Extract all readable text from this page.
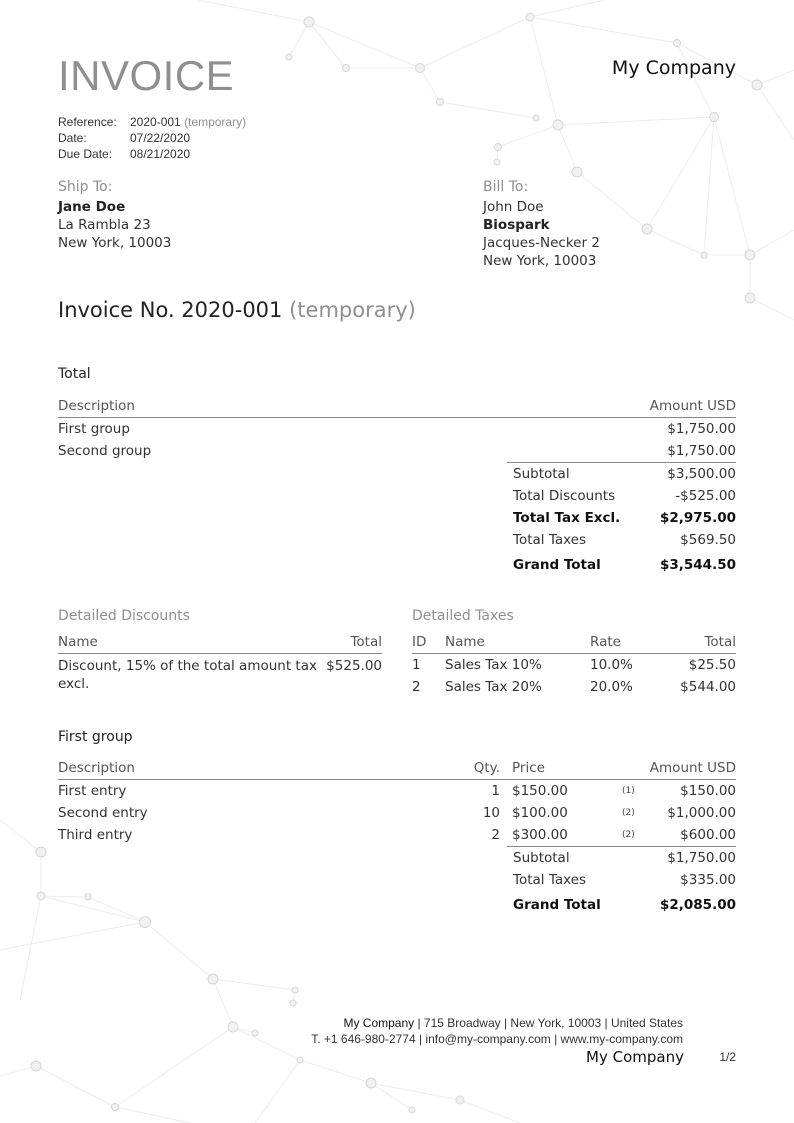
INVOICE	My Company
Reference:	2020-001
(temporary)
Date:	07/22/2020
Due Date:	08/21/2020
Ship To:
Jane Doe
La Rambla 23
New York, 10003
Bill To:
John Doe
Biospark
Jacques-Necker 2
New York, 10003
Invoice No. 2020-001 (temporary)
Total
Description	Amount USD
First group	$1,750.00
Second group	$1,750.00
Subtotal	$3,500.00
Total Discounts	-$525.00
Total Tax Excl.	$2,975.00
Total Taxes	$569.50
Grand Total	$3,544.50
Detailed Discounts
Name	Total
Discount, 15% of the total amount tax $525.00
excl.
Detailed Taxes
ID	Name	Rate	Total
1	Sales Tax 10%	10.0%	$25.50
2	Sales Tax 20%	20.0%	$544.00
First group
Description	Qty. Price	Amount USD
First entry	1 $150.00	(1)	$150.00
Second entry	10 $100.00	(2)	$1,000.00
Third entry	2 $300.00	(2)	$600.00
Subtotal	$1,750.00
Total Taxes	$335.00
Grand Total	$2,085.00
My Company | 715 Broadway | New York, 10003 | United States
T. +1 646-980-2774 | info@my-company.com | www.my-company.com
My Company	1/2
